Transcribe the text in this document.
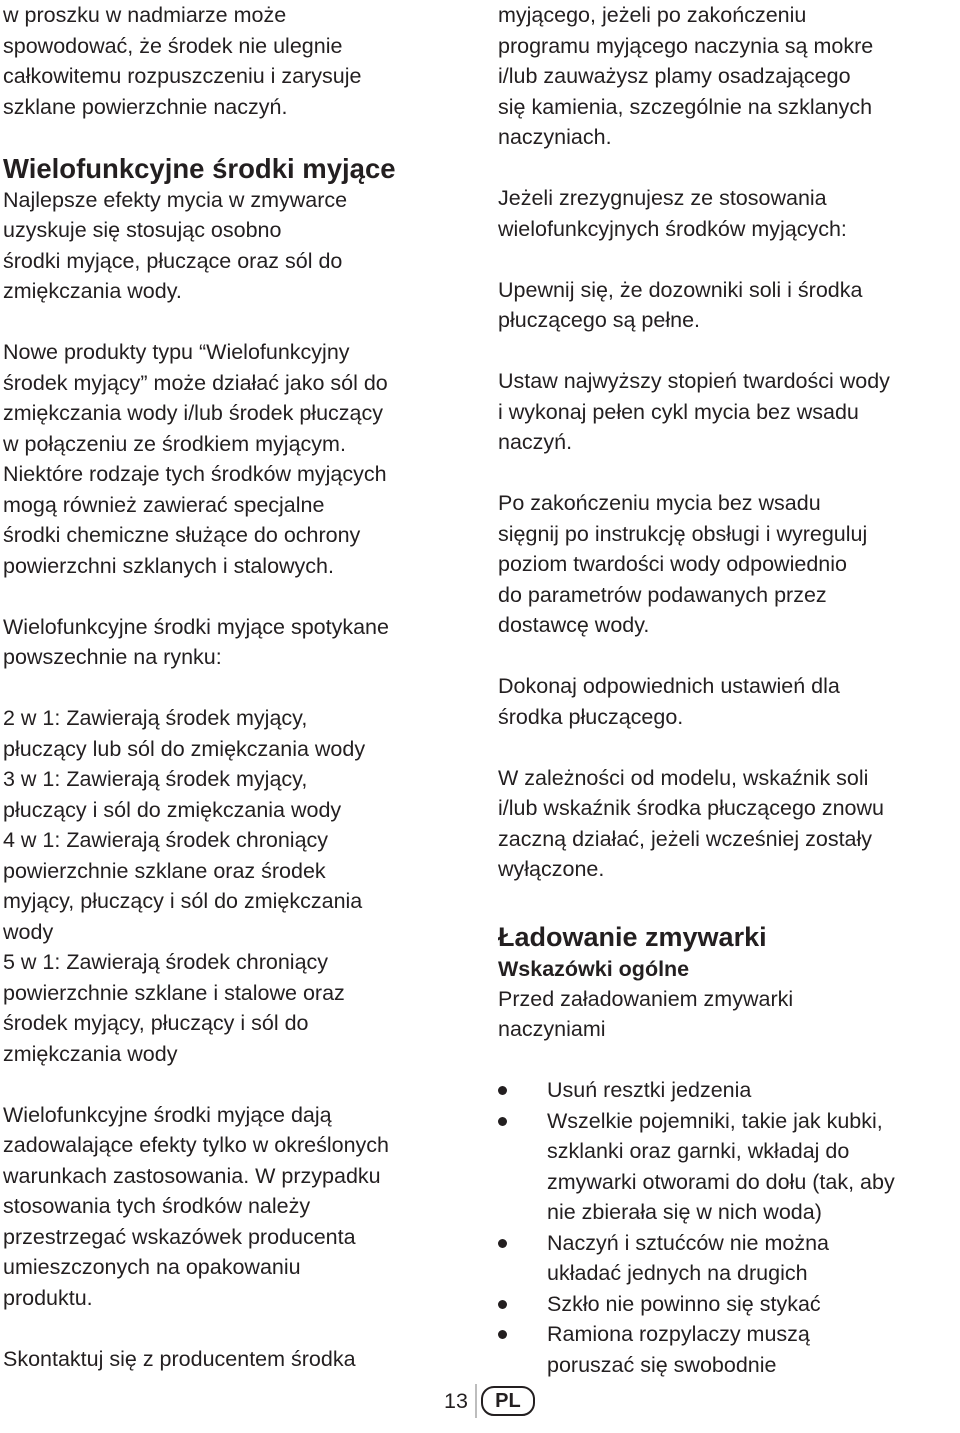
w proszku w nadmiarze może
spowodować, że środek nie ulegnie
całkowitemu rozpuszczeniu i zarysuje
szklane powierzchnie naczyń.

Wielofunkcyjne środki myjące

Najlepsze efekty mycia w zmywarce
uzyskuje się stosując osobno
środki myjące, płuczące oraz sól do
zmiękczania wody.

Nowe produkty typu “Wielofunkcyjny
środek myjący” może działać jako sól do
zmiękczania wody i/lub środek płuczący
w połączeniu ze środkiem myjącym.
Niektóre rodzaje tych środków myjących
mogą również zawierać specjalne
środki chemiczne służące do ochrony
powierzchni szklanych i stalowych.

Wielofunkcyjne środki myjące spotykane
powszechnie na rynku:

2 w 1: Zawierają środek myjący,
płuczący lub sól do zmiękczania wody
3 w 1: Zawierają środek myjący,
płuczący i sól do zmiękczania wody
4 w 1: Zawierają środek chroniący
powierzchnie szklane oraz środek
myjący, płuczący i sól do zmiękczania
wody
5 w 1: Zawierają środek chroniący
powierzchnie szklane i stalowe oraz
środek myjący, płuczący i sól do
zmiękczania wody

Wielofunkcyjne środki myjące dają
zadowalające efekty tylko w określonych
warunkach zastosowania. W przypadku
stosowania tych środków należy
przestrzegać wskazówek producenta
umieszczonych na opakowaniu
produktu.

Skontaktuj się z producentem środka

myjącego, jeżeli po zakończeniu
programu myjącego naczynia są mokre
i/lub zauważysz plamy osadzającego
się kamienia, szczególnie na szklanych
naczyniach.

Jeżeli zrezygnujesz ze stosowania
wielofunkcyjnych środków myjących:

Upewnij się, że dozowniki soli i środka
płuczącego są pełne.

Ustaw najwyższy stopień twardości wody
i wykonaj pełen cykl mycia bez wsadu
naczyń.

Po zakończeniu mycia bez wsadu
sięgnij po instrukcję obsługi i wyreguluj
poziom twardości wody odpowiednio
do parametrów podawanych przez
dostawcę wody.

Dokonaj odpowiednich ustawień dla
środka płuczącego.

W zależności od modelu, wskaźnik soli
i/lub wskaźnik środka płuczącego znowu
zaczną działać, jeżeli wcześniej zostały
wyłączone.

Ładowanie zmywarki

Wskazówki ogólne

Przed załadowaniem zmywarki
naczyniami

Usuń resztki jedzenia
Wszelkie pojemniki, takie jak kubki,
szklanki oraz garnki, wkładaj do
zmywarki otworami do dołu (tak, aby
nie zbierała się w nich woda)
Naczyń i sztućców nie można
układać jednych na drugich
Szkło nie powinno się stykać
Ramiona rozpylaczy muszą
poruszać się swobodnie
13	PL
